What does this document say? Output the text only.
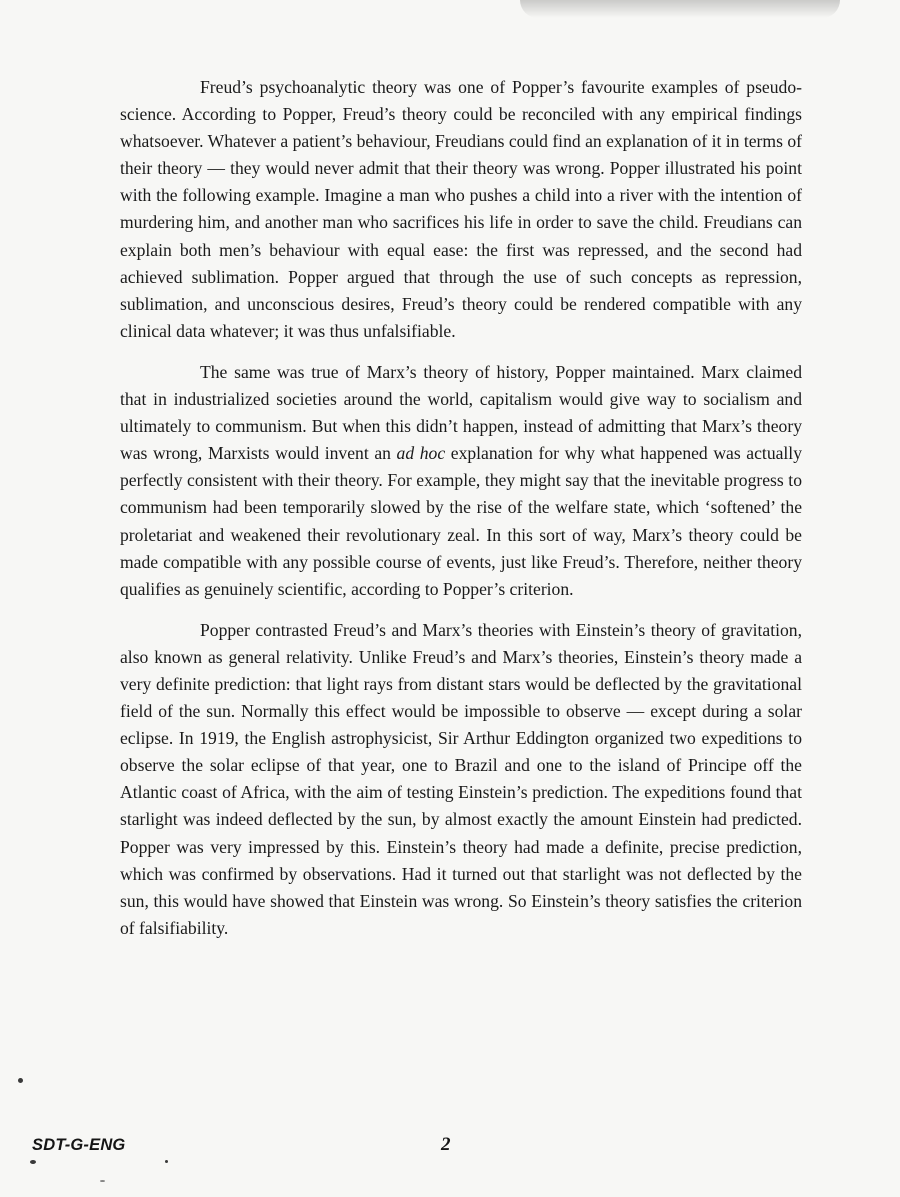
Freud’s psychoanalytic theory was one of Popper’s favourite examples of pseudo-science. According to Popper, Freud’s theory could be reconciled with any empirical findings whatsoever. Whatever a patient’s behaviour, Freudians could find an explanation of it in terms of their theory — they would never admit that their theory was wrong. Popper illustrated his point with the following example. Imagine a man who pushes a child into a river with the intention of murdering him, and another man who sacrifices his life in order to save the child. Freudians can explain both men’s behaviour with equal ease: the first was repressed, and the second had achieved sublimation. Popper argued that through the use of such concepts as repression, sublimation, and unconscious desires, Freud’s theory could be rendered compatible with any clinical data whatever; it was thus unfalsifiable.

The same was true of Marx’s theory of history, Popper maintained. Marx claimed that in industrialized societies around the world, capitalism would give way to socialism and ultimately to communism. But when this didn’t happen, instead of admitting that Marx’s theory was wrong, Marxists would invent an ad hoc explanation for why what happened was actually perfectly consistent with their theory. For example, they might say that the inevitable progress to communism had been temporarily slowed by the rise of the welfare state, which ‘softened’ the proletariat and weakened their revolutionary zeal. In this sort of way, Marx’s theory could be made compatible with any possible course of events, just like Freud’s. Therefore, neither theory qualifies as genuinely scientific, according to Popper’s criterion.

Popper contrasted Freud’s and Marx’s theories with Einstein’s theory of gravitation, also known as general relativity. Unlike Freud’s and Marx’s theories, Einstein’s theory made a very definite prediction: that light rays from distant stars would be deflected by the gravitational field of the sun. Normally this effect would be impossible to observe — except during a solar eclipse. In 1919, the English astrophysicist, Sir Arthur Eddington organized two expeditions to observe the solar eclipse of that year, one to Brazil and one to the island of Principe off the Atlantic coast of Africa, with the aim of testing Einstein’s prediction. The expeditions found that starlight was indeed deflected by the sun, by almost exactly the amount Einstein had predicted. Popper was very impressed by this. Einstein’s theory had made a definite, precise prediction, which was confirmed by observations. Had it turned out that starlight was not deflected by the sun, this would have showed that Einstein was wrong. So Einstein’s theory satisfies the criterion of falsifiability.

SDT-G-ENG	2
